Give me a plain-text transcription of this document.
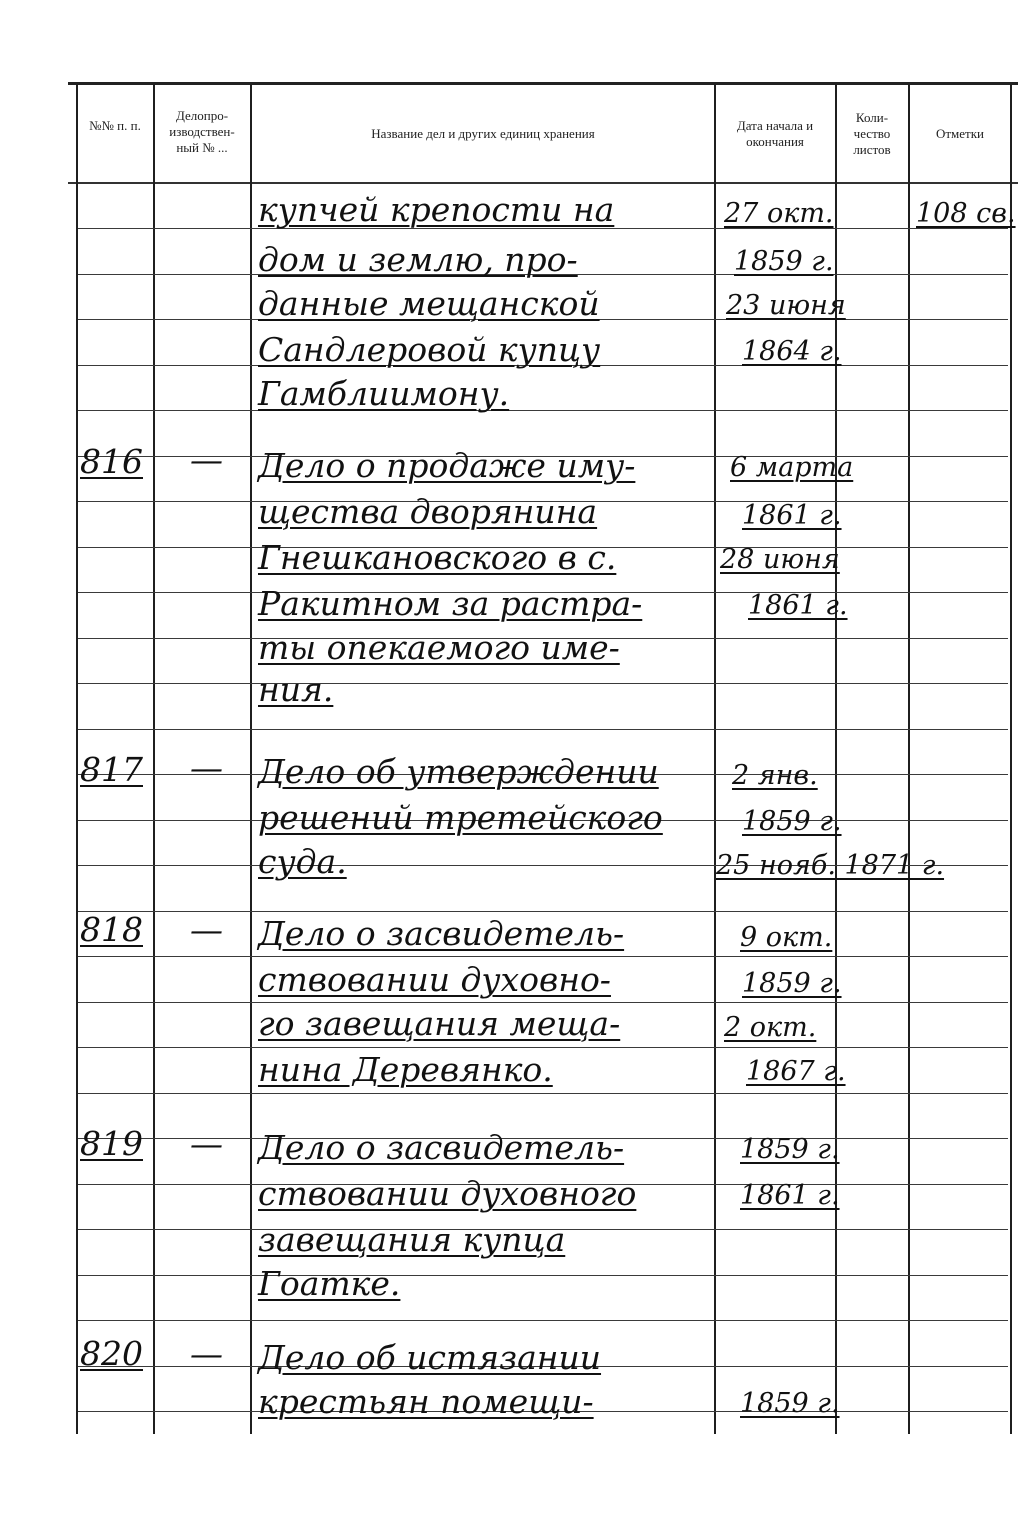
№№ п. п.
Делопро- изводствен- ный № ...
Название дел и других единиц хранения
Дата начала и окончания
Коли- чество листов
Отметки
купчей крепости на
дом и землю, про-
данные мещанской
Сандлеровой купцу
Гамблиимону.
27 окт.
1859 г.
23 июня
1864 г.
108 св.
816 — Дело о продаже иму-
щества дворянина
Гнешкановского в с.
Ракитном за растра-
ты опекаемого име-
ния.
6 марта
1861 г.
28 июня
1861 г.
817 — Дело об утверждении
решений третейского
суда.
2 янв.
1859 г.
25 нояб. 1871 г.
818 — Дело о засвидетель-
ствовании духовно-
го завещания меща-
нина Деревянко.
9 окт.
1859 г.
2 окт.
1867 г.
819 — Дело о засвидетель-
ствовании духовного
завещания купца
Гоатке.
1859 г.
1861 г.
820 — Дело об истязании
крестьян помещи-	1859 г.
